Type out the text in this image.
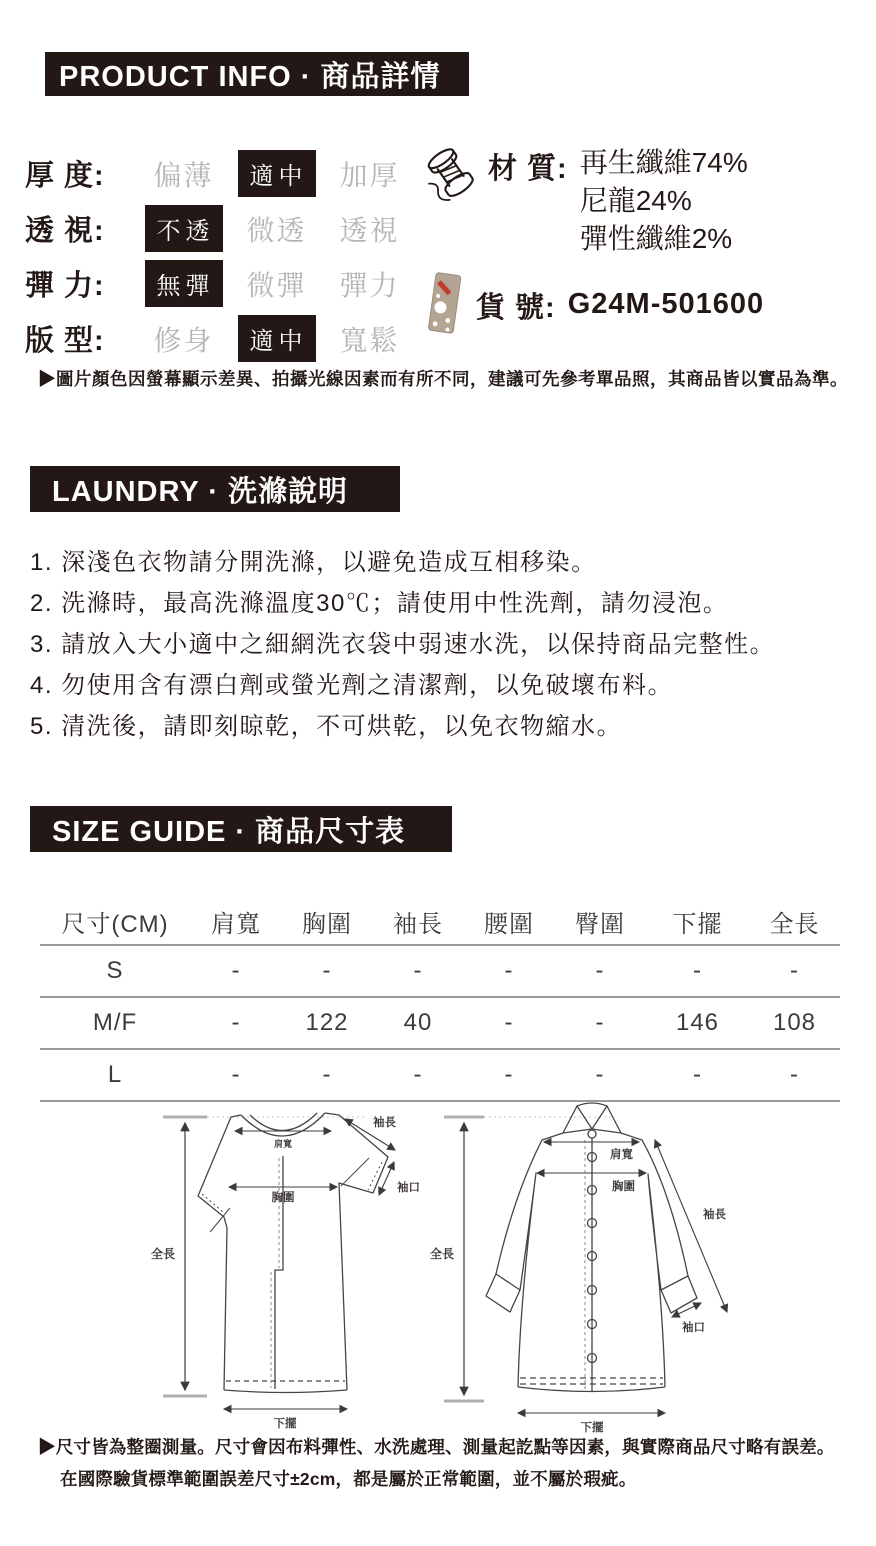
PRODUCT INFO · 商品詳情
厚 度:	偏薄	適中 加厚
透 視:	不透 微透 透視
彈 力:	無彈 微彈 彈力
版 型:	修身	適中 寬鬆
材 質: 再生纖維74%
尼龍24%
彈性纖維2%
貨 號: G24M-501600
▶圖片顏色因螢幕顯示差異、拍攝光線因素而有所不同，建議可先參考單品照，其商品皆以實品為準。
LAUNDRY · 洗滌說明
1. 深淺色衣物請分開洗滌，以避免造成互相移染。
2. 洗滌時，最高洗滌溫度30℃；請使用中性洗劑，請勿浸泡。
3. 請放入大小適中之細網洗衣袋中弱速水洗，以保持商品完整性。
4. 勿使用含有漂白劑或螢光劑之清潔劑，以免破壞布料。
5. 清洗後，請即刻晾乾，不可烘乾，以免衣物縮水。
SIZE GUIDE · 商品尺寸表
尺寸(CM)	肩寬	胸圍	袖長	腰圍	臀圍	下擺	全長
S	-	-	-	-	-	-	-
M/F	-	122	40	-	-	146	108
L	-	-	-	-	-	-	-
全長
肩寬
胸圍
袖長
袖口
下擺
全長
肩寬
胸圍
袖長
袖口
下擺
▶尺寸皆為整圈測量。尺寸會因布料彈性、水洗處理、測量起訖點等因素，與實際商品尺寸略有誤差。
在國際驗貨標準範圍誤差尺寸±2cm，都是屬於正常範圍，並不屬於瑕疵。
